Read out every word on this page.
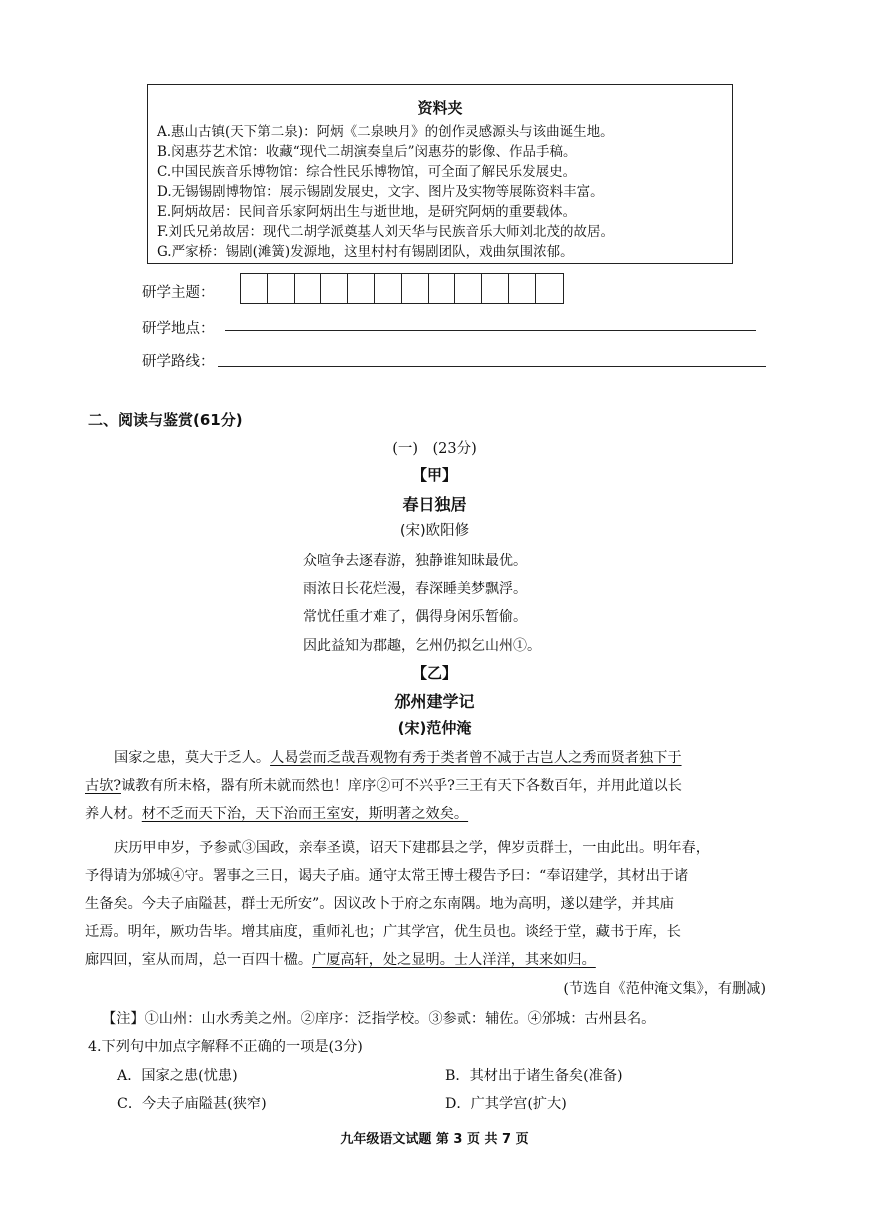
资料夹
A.惠山古镇(天下第二泉)：阿炳《二泉映月》的创作灵感源头与该曲诞生地。
B.闵惠芬艺术馆：收藏“现代二胡演奏皇后”闵惠芬的影像、作品手稿。
C.中国民族音乐博物馆：综合性民乐博物馆，可全面了解民乐发展史。
D.无锡锡剧博物馆：展示锡剧发展史，文字、图片及实物等展陈资料丰富。
E.阿炳故居：民间音乐家阿炳出生与逝世地，是研究阿炳的重要载体。
F.刘氏兄弟故居：现代二胡学派奠基人刘天华与民族音乐大师刘北茂的故居。
G.严家桥：锡剧(滩簧)发源地，这里村村有锡剧团队，戏曲氛围浓郁。
研学主题：
研学地点：
研学路线：
二、阅读与鉴赏(61分)
(一)　(23分)
【甲】
春日独居
(宋)欧阳修
众喧争去逐春游，独静谁知昧最优。
雨浓日长花烂漫，春深睡美梦飘浮。
常忧任重才难了，偶得身闲乐暂偷。
因此益知为郡趣，乞州仍拟乞山州①。
【乙】
邠州建学记
(宋)范仲淹
国家之患，莫大于乏人。人曷尝而乏哉吾观物有秀于类者曾不减于古岂人之秀而贤者独下于
古欤?诚教有所未格，器有所未就而然也！庠序②可不兴乎?三王有天下各数百年，并用此道以长
养人材。材不乏而天下治，天下治而王室安，斯明著之效矣。
庆历甲申岁，予参贰③国政，亲奉圣谟，诏天下建郡县之学，俾岁贡群士，一由此出。明年春，
予得请为邠城④守。署事之三日，谒夫子庙。通守太常王博士稷告予曰：“奉诏建学，其材出于诸
生备矣。今夫子庙隘甚，群士无所安”。因议改卜于府之东南隅。地为高明，遂以建学，并其庙
迁焉。明年，厥功告毕。增其庙度，重师礼也；广其学宫，优生员也。谈经于堂，藏书于库，长
廊四回，室从而周，总一百四十楹。广厦高轩，处之显明。士人洋洋，其来如归。
(节选自《范仲淹文集》，有删减)
【注】①山州：山水秀美之州。②庠序：泛指学校。③参贰：辅佐。④邠城：古州县名。
4.下列句中加点字解释不正确的一项是(3分)
A．国家之患(忧患)	B．其材出于诸生备矣(准备)
C．今夫子庙隘甚(狭窄)	D．广其学宫(扩大)
九年级语文试题 第 3 页 共 7 页
